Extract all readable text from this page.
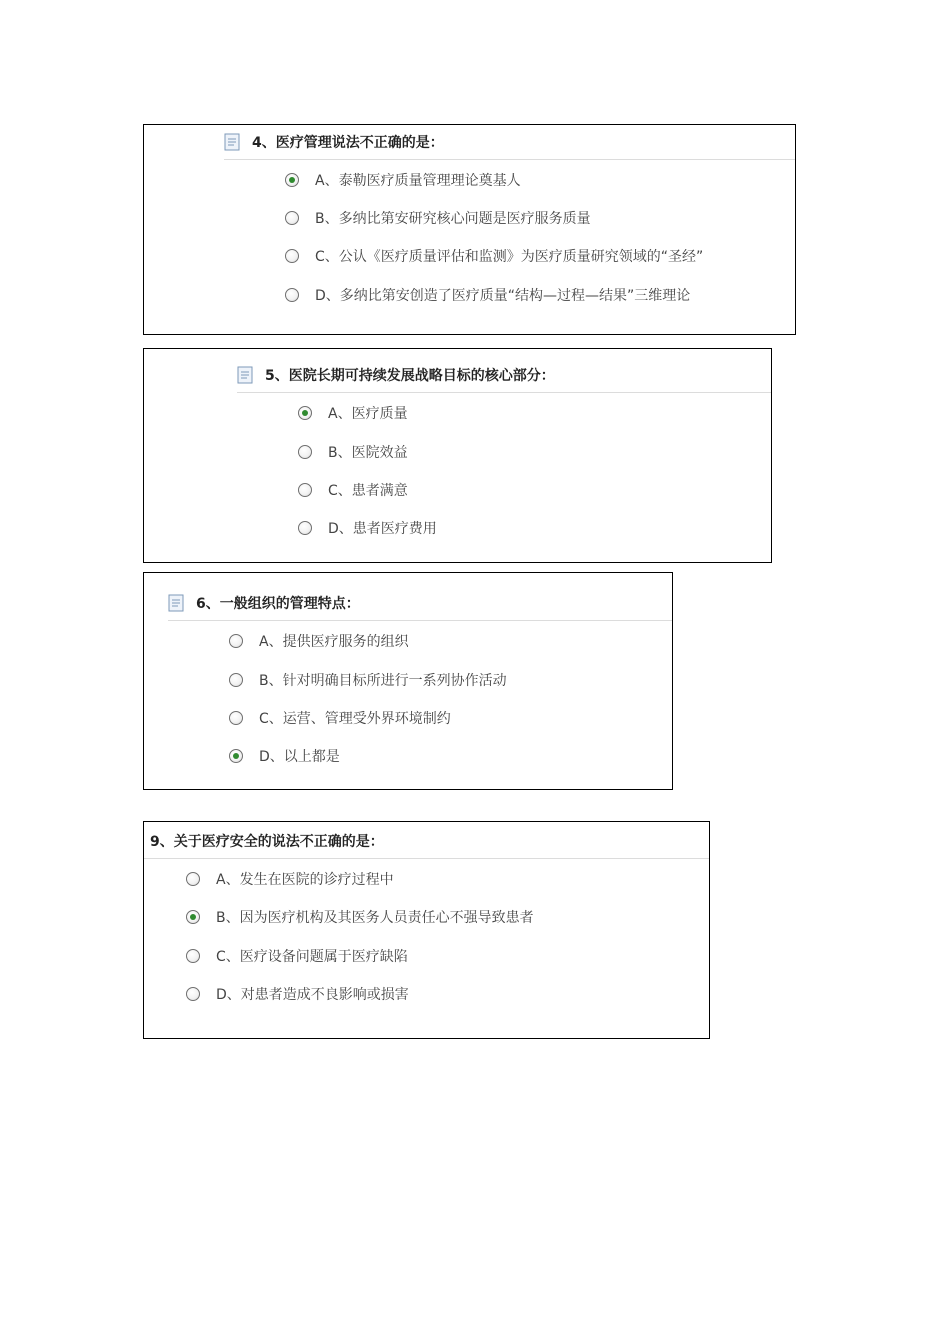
4、医疗管理说法不正确的是：
A、泰勒医疗质量管理理论奠基人
B、多纳比第安研究核心问题是医疗服务质量
C、公认《医疗质量评估和监测》为医疗质量研究领域的“圣经”
D、多纳比第安创造了医疗质量“结构—过程—结果”三维理论
5、医院长期可持续发展战略目标的核心部分：
A、医疗质量
B、医院效益
C、患者满意
D、患者医疗费用
6、一般组织的管理特点：
A、提供医疗服务的组织
B、针对明确目标所进行一系列协作活动
C、运营、管理受外界环境制约
D、以上都是
9、关于医疗安全的说法不正确的是：
A、发生在医院的诊疗过程中
B、因为医疗机构及其医务人员责任心不强导致患者
C、医疗设备问题属于医疗缺陷
D、对患者造成不良影响或损害
